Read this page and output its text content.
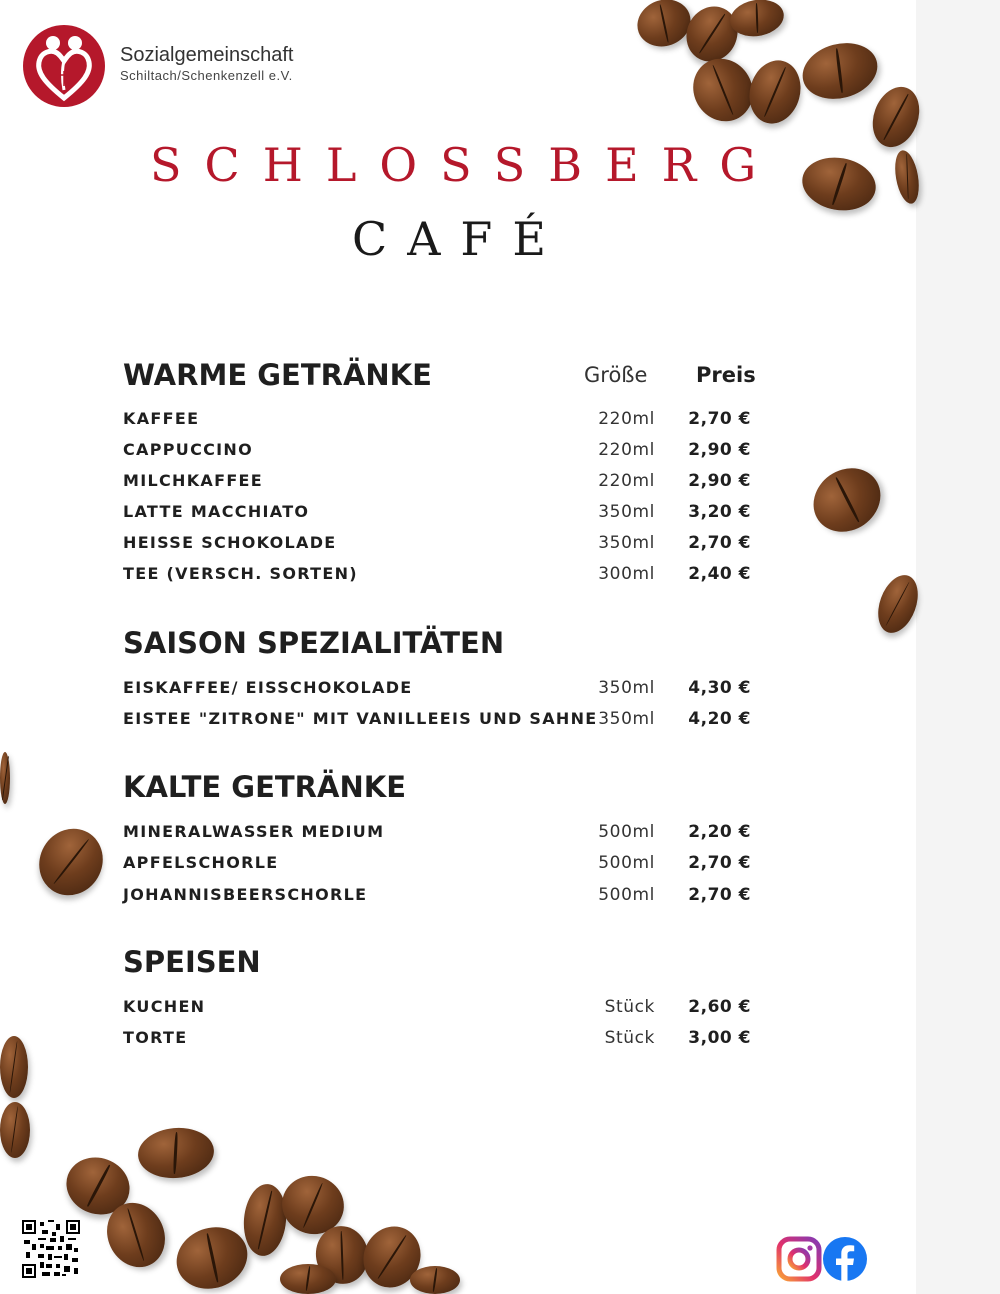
Sozialgemeinschaft
Schiltach/Schenkenzell e.V.
SCHLOSSBERG
CAFÉ
Größe Preis
WARME GETRÄNKE
KAFFEE	220ml 2,70 €
CAPPUCCINO	220ml 2,90 €
MILCHKAFFEE	220ml 2,90 €
LATTE MACCHIATO	350ml 3,20 €
HEISSE SCHOKOLADE	350ml 2,70 €
TEE (VERSCH. SORTEN)	300ml 2,40 €
SAISON SPEZIALITÄTEN
EISKAFFEE/ EISSCHOKOLADE	350ml 4,30 €
EISTEE "ZITRONE" MIT VANILLEEIS UND SAHNE 350ml 4,20 €
KALTE GETRÄNKE
MINERALWASSER MEDIUM	500ml 2,20 €
APFELSCHORLE	500ml 2,70 €
JOHANNISBEERSCHORLE	500ml 2,70 €
SPEISEN
KUCHEN	Stück 2,60 €
TORTE	Stück 3,00 €
